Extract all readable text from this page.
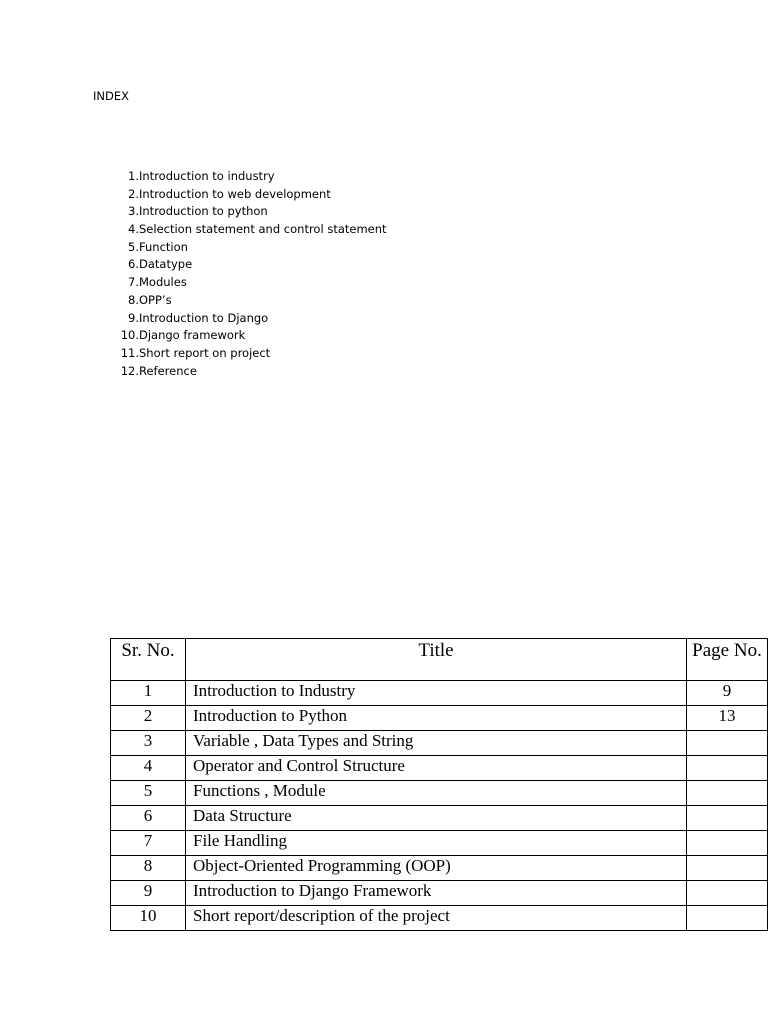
INDEX
1.Introduction to industry
2.Introduction to web development
3.Introduction to python
4.Selection statement and control statement
5.Function
6.Datatype
7.Modules
8.OPP’s
9.Introduction to Django
10.Django framework
11.Short report on project
12.Reference
Sr. No.	Title	Page No.
1	Introduction to Industry	9
2	Introduction to Python	13
3	Variable , Data Types and String	
4	Operator and Control Structure	
5	Functions , Module	
6	Data Structure	
7	File Handling	
8	Object-Oriented Programming (OOP)	
9	Introduction to Django Framework	
10	Short report/description of the project	
